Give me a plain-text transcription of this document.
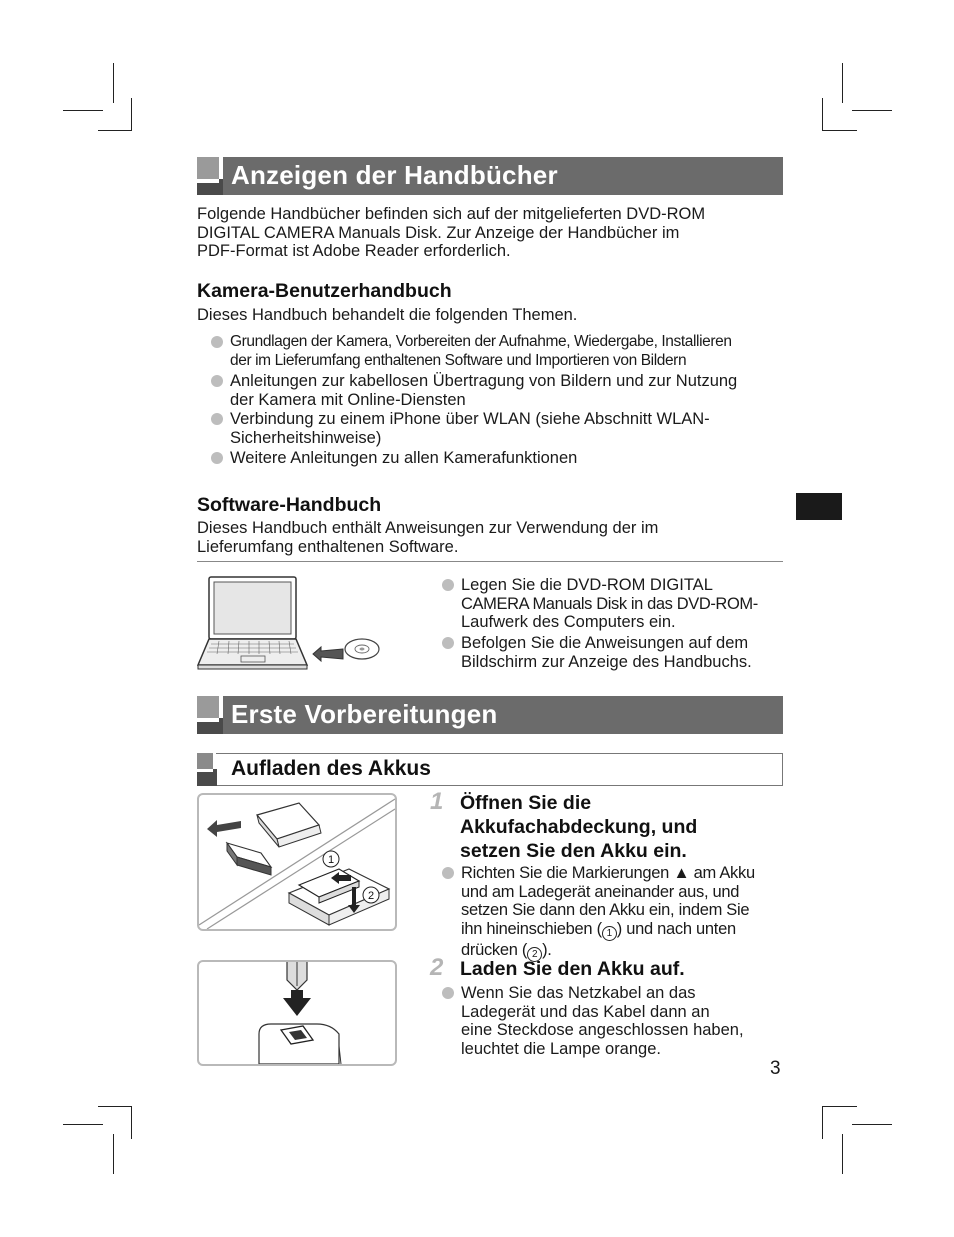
Anzeigen der Handbücher
Folgende Handbücher befinden sich auf der mitgelieferten DVD-ROM
DIGITAL CAMERA Manuals Disk. Zur Anzeige der Handbücher im
PDF-Format ist Adobe Reader erforderlich.
Kamera-Benutzerhandbuch
Dieses Handbuch behandelt die folgenden Themen.
Grundlagen der Kamera, Vorbereiten der Aufnahme, Wiedergabe, Installieren
der im Lieferumfang enthaltenen Software und Importieren von Bildern
Anleitungen zur kabellosen Übertragung von Bildern und zur Nutzung
der Kamera mit Online-Diensten
Verbindung zu einem iPhone über WLAN (siehe Abschnitt WLAN-
Sicherheitshinweise)
Weitere Anleitungen zu allen Kamerafunktionen
Software-Handbuch
Dieses Handbuch enthält Anweisungen zur Verwendung der im
Lieferumfang enthaltenen Software.
Legen Sie die DVD-ROM DIGITAL
CAMERA Manuals Disk in das DVD-ROM-
Laufwerk des Computers ein.
Befolgen Sie die Anweisungen auf dem
Bildschirm zur Anzeige des Handbuchs.
Erste Vorbereitungen
Aufladen des Akkus
1
2
1 Öffnen Sie die
Akkufachabdeckung, und
setzen Sie den Akku ein.
Richten Sie die Markierungen ▲ am Akku
und am Ladegerät aneinander aus, und
setzen Sie dann den Akku ein, indem Sie
ihn hineinschieben ( 1 ) und nach unten
drücken ( 2 ).
2 Laden Sie den Akku auf.
Wenn Sie das Netzkabel an das
Ladegerät und das Kabel dann an
eine Steckdose angeschlossen haben,
leuchtet die Lampe orange.
3
